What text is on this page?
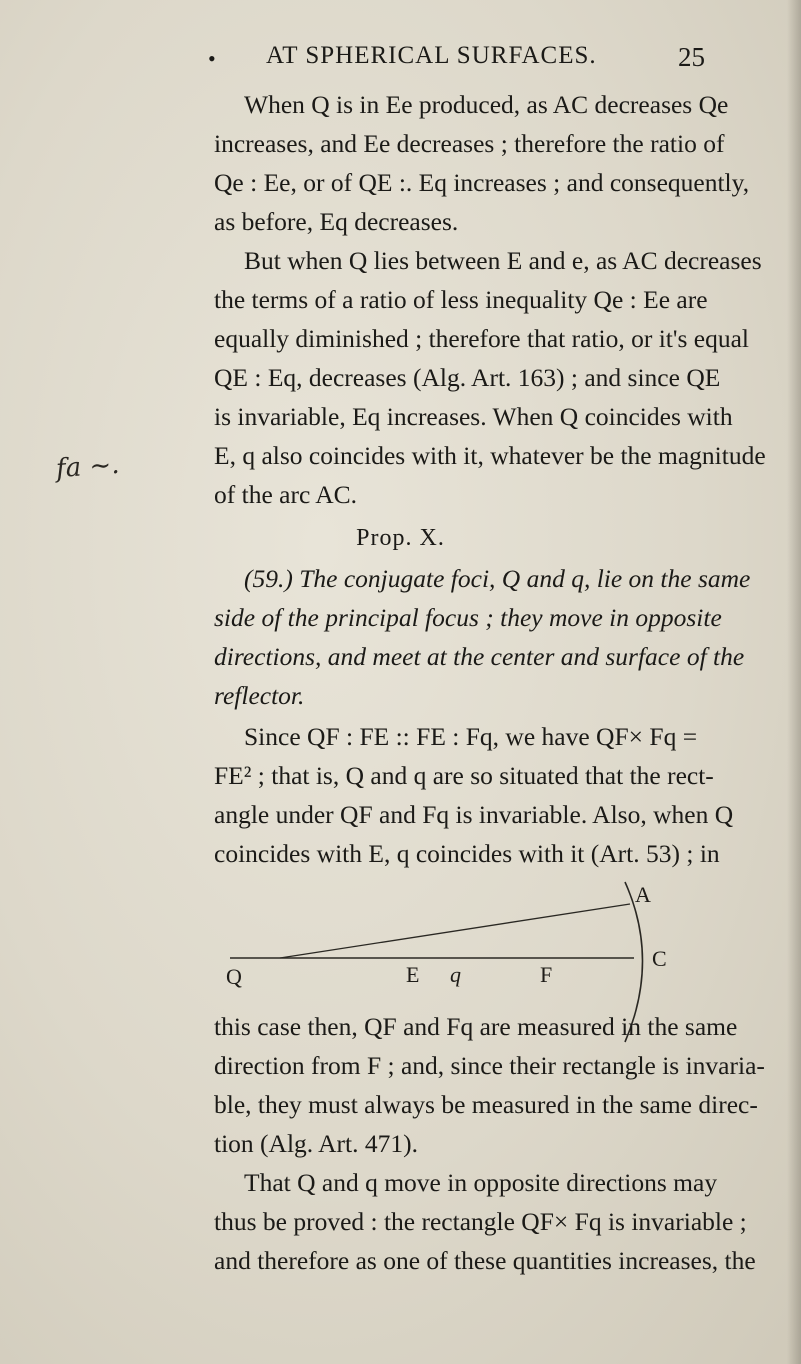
• AT SPHERICAL SURFACES.	25
fa ~.
When Q is in Ee produced, as AC decreases Qe
increases, and Ee decreases ; therefore the ratio of
Qe : Ee, or of QE :. Eq increases ; and consequently,
as before, Eq decreases.
But when Q lies between E and e, as AC decreases
the terms of a ratio of less inequality Qe : Ee are
equally diminished ; therefore that ratio, or it's equal
QE : Eq, decreases (Alg. Art. 163) ; and since QE
is invariable, Eq increases. When Q coincides with
E, q also coincides with it, whatever be the magnitude
of the arc AC.
Prop. X.
(59.) The conjugate foci, Q and q, lie on the same
side of the principal focus ; they move in opposite
directions, and meet at the center and surface of the
reflector.
Since QF : FE :: FE : Fq, we have QF× Fq =
FE² ; that is, Q and q are so situated that the rect-
angle under QF and Fq is invariable. Also, when Q
coincides with E, q coincides with it (Art. 53) ; in
Q	E q	F
A
C
this case then, QF and Fq are measured in the same
direction from F ; and, since their rectangle is invaria-
ble, they must always be measured in the same direc-
tion (Alg. Art. 471).
That Q and q move in opposite directions may
thus be proved : the rectangle QF× Fq is invariable ;
and therefore as one of these quantities increases, the
